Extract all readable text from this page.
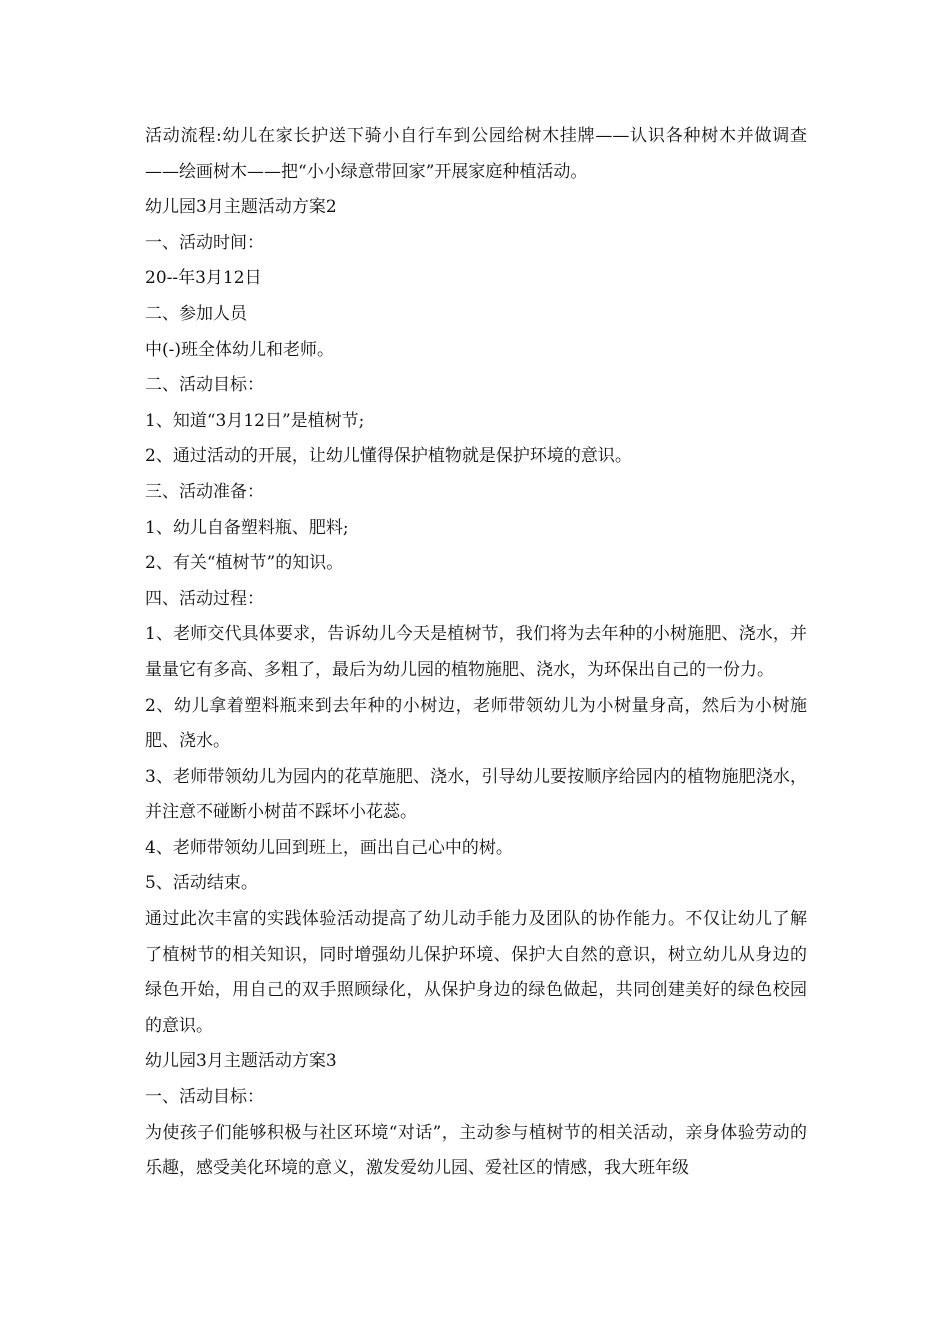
活动流程:幼儿在家长护送下骑小自行车到公园给树木挂牌——认识各种树木并做调查——绘画树木——把“小小绿意带回家”开展家庭种植活动。

幼儿园3月主题活动方案2

一、活动时间：

20--年3月12日

二、参加人员

中(-)班全体幼儿和老师。

二、活动目标：

1、知道“3月12日”是植树节;

2、通过活动的开展，让幼儿懂得保护植物就是保护环境的意识。

三、活动准备：

1、幼儿自备塑料瓶、肥料;

2、有关“植树节”的知识。

四、活动过程：

1、老师交代具体要求，告诉幼儿今天是植树节，我们将为去年种的小树施肥、浇水，并量量它有多高、多粗了，最后为幼儿园的植物施肥、浇水，为环保出自己的一份力。

2、幼儿拿着塑料瓶来到去年种的小树边，老师带领幼儿为小树量身高，然后为小树施肥、浇水。

3、老师带领幼儿为园内的花草施肥、浇水，引导幼儿要按顺序给园内的植物施肥浇水，并注意不碰断小树苗不踩坏小花蕊。

4、老师带领幼儿回到班上，画出自己心中的树。

5、活动结束。

通过此次丰富的实践体验活动提高了幼儿动手能力及团队的协作能力。不仅让幼儿了解了植树节的相关知识，同时增强幼儿保护环境、保护大自然的意识，树立幼儿从身边的绿色开始，用自己的双手照顾绿化，从保护身边的绿色做起，共同创建美好的绿色校园的意识。

幼儿园3月主题活动方案3

一、活动目标：

为使孩子们能够积极与社区环境“对话”，主动参与植树节的相关活动，亲身体验劳动的乐趣，感受美化环境的意义，激发爱幼儿园、爱社区的情感，我大班年级
